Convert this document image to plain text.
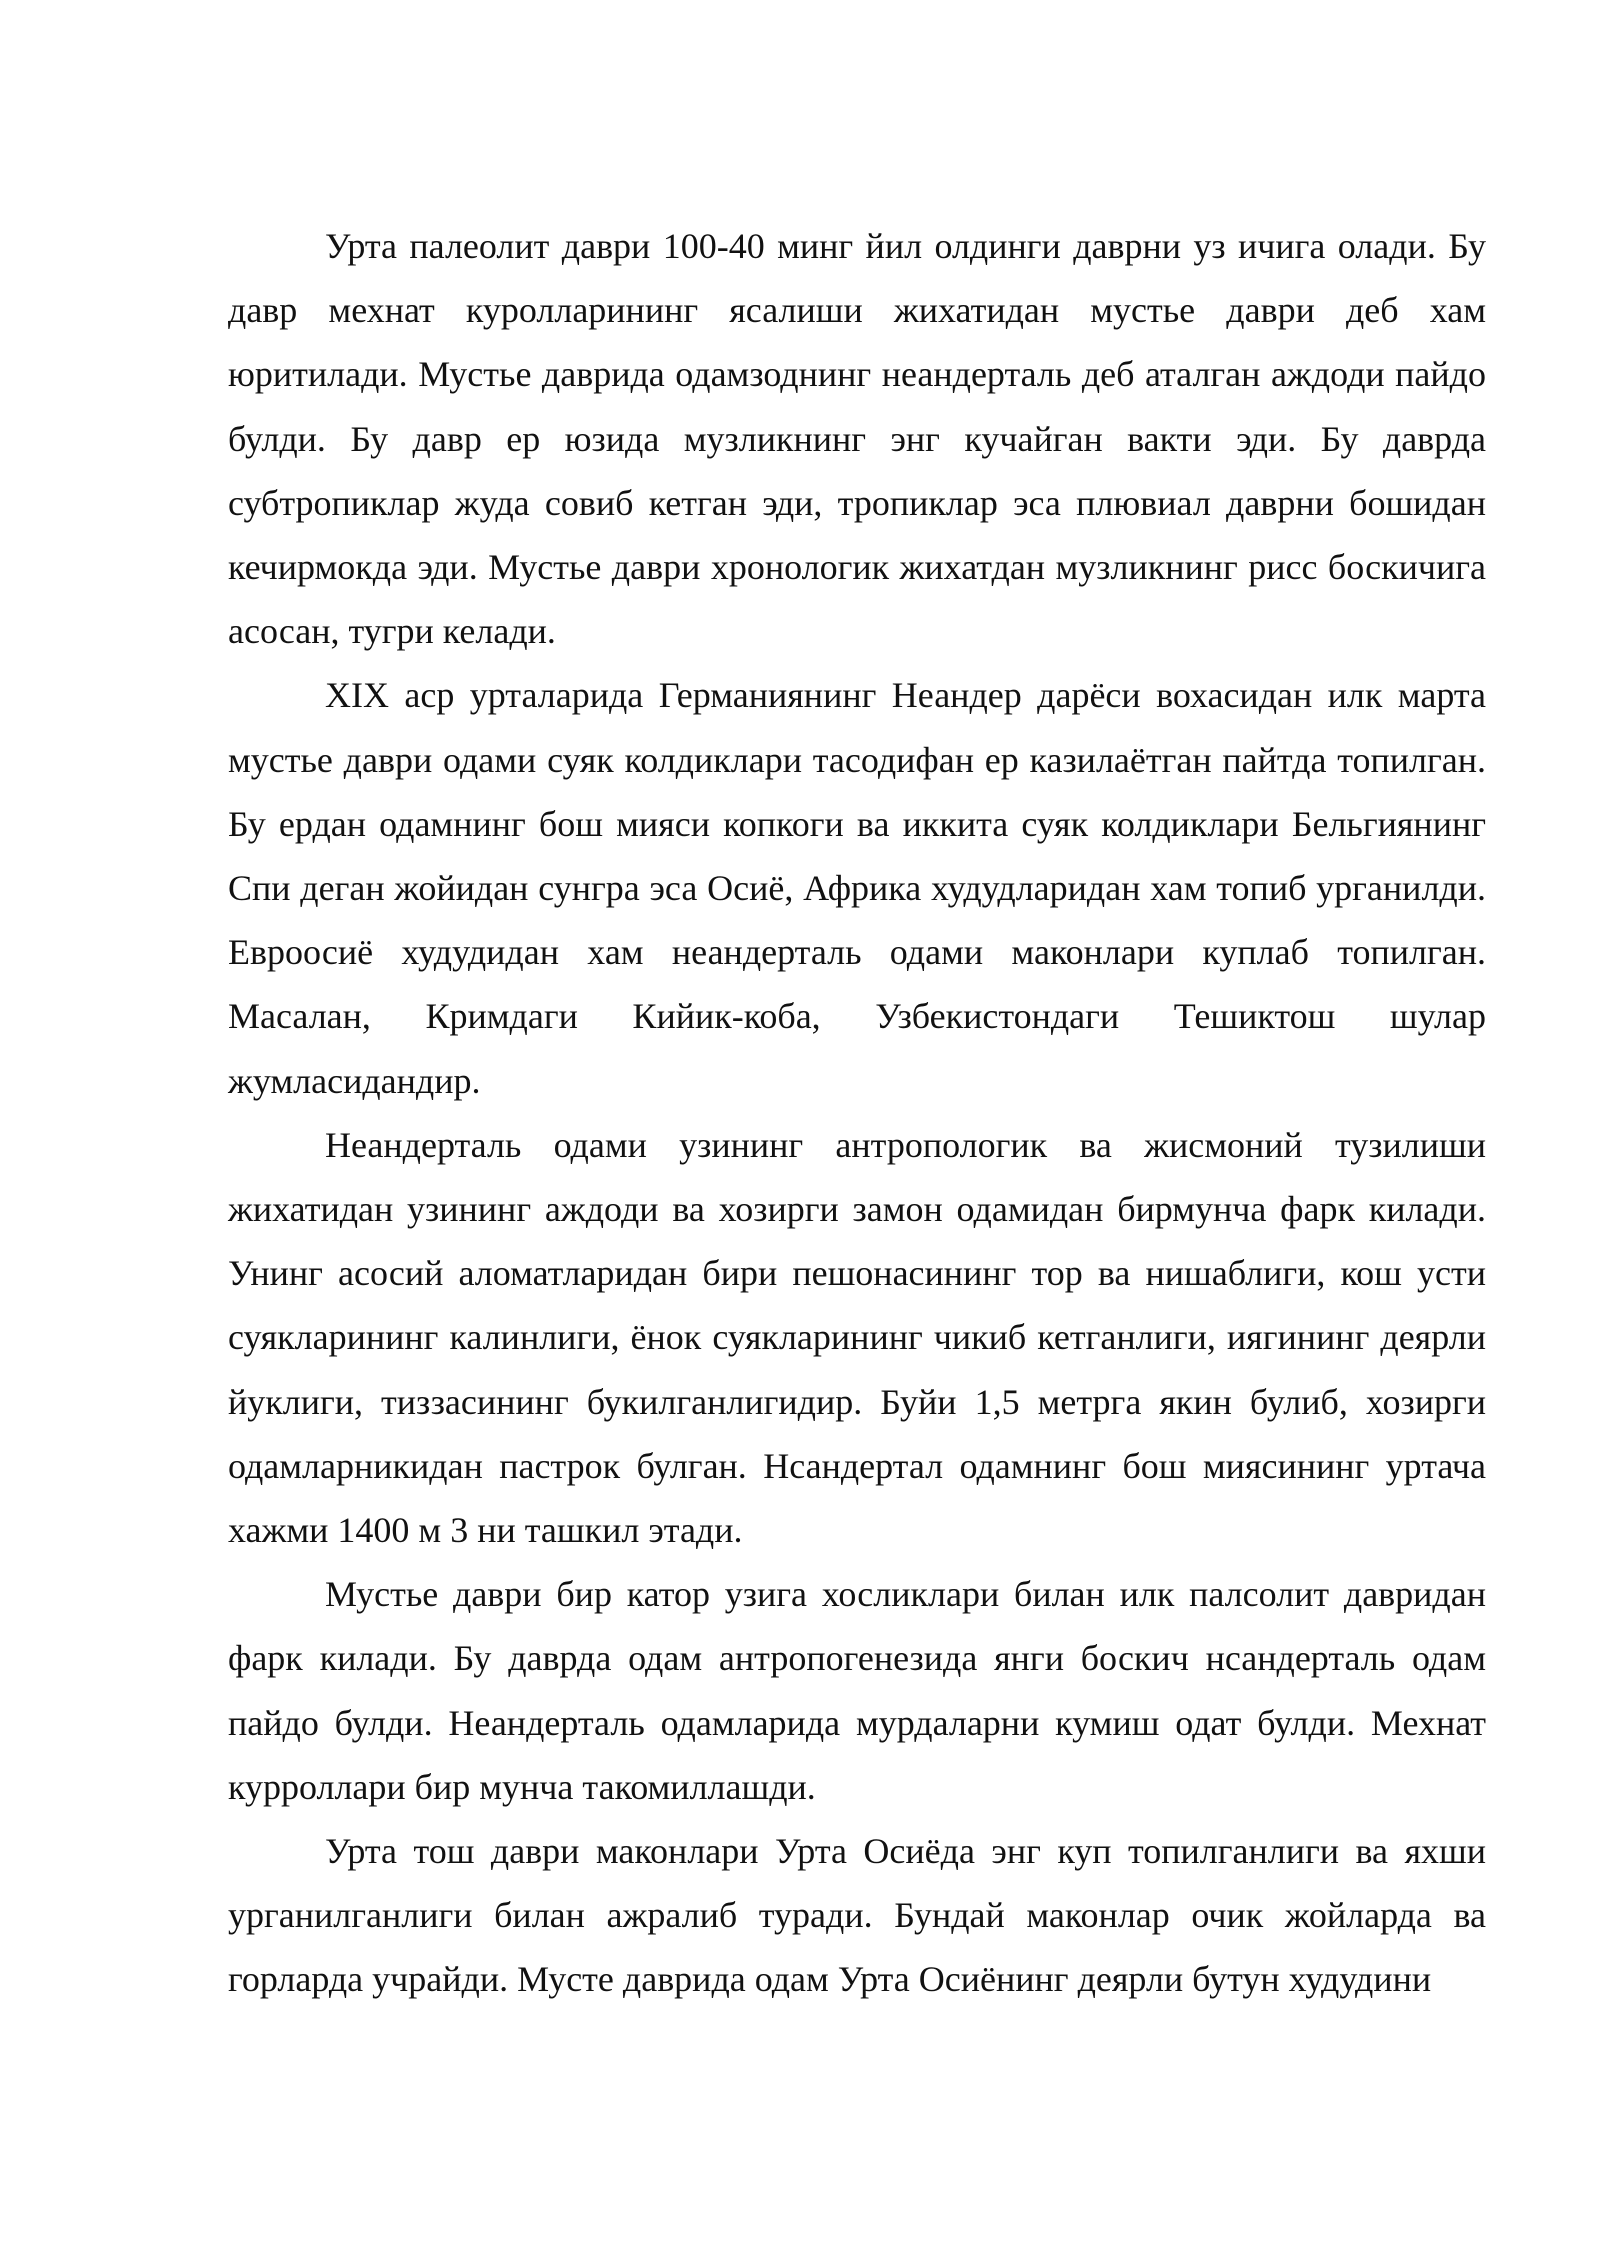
Урта палеолит даври 100-40 минг йил олдинги даврни уз ичига олади. Бу давр мехнат куролларининг ясалиши жихатидан мустье даври деб хам юритилади. Мустье даврида одамзоднинг неандерталь деб аталган аждоди пайдо булди. Бу давр ер юзида музликнинг энг кучайган вакти эди. Бу даврда субтропиклар жуда совиб кетган эди, тропиклар эса плювиал даврни бошидан кечирмокда эди. Мустье даври хронологик жихатдан музликнинг рисс боскичига асосан, тугри келади.

XIX аср урталарида Германиянинг Неандер дарёси вохасидан илк марта мустье даври одами суяк колдиклари тасодифан ер казилаётган пайтда топилган. Бу ердан одамнинг бош мияси копкоги ва иккита суяк колдиклари Бельгиянинг Спи деган жойидан сунгра эса Осиё, Африка худудларидан хам топиб урганилди. Евроосиё худудидан хам неандерталь одами маконлари куплаб топилган. Масалан, Кримдаги Кийик-коба, Узбекистондаги Тешиктош шулар жумласидандир.

Неандерталь одами узининг антропологик ва жисмоний тузилиши жихатидан узининг аждоди ва хозирги замон одамидан бирмунча фарк килади. Унинг асосий аломатларидан бири пешонасининг тор ва нишаблиги, кош усти суякларининг калинлиги, ёнок суякларининг чикиб кетганлиги, иягининг деярли йуклиги, тиззасининг букилганлигидир. Буйи 1,5 метрга якин булиб, хозирги одамларникидан пастрок булган. Нсандертал одамнинг бош миясининг уртача хажми 1400 м 3 ни ташкил этади.

Мустье даври бир катор узига хосликлари билан илк палсолит давридан фарк килади. Бу даврда одам антропогенезида янги боскич нсандерталь одам пайдо булди. Неандерталь одамларида мурдаларни кумиш одат булди. Мехнат курроллари бир мунча такомиллашди.

Урта тош даври маконлари Урта Осиёда энг куп топилганлиги ва яхши урганилганлиги билан ажралиб туради. Бундай маконлар очик жойларда ва горларда учрайди. Мусте даврида одам Урта Осиёнинг деярли бутун худудини
